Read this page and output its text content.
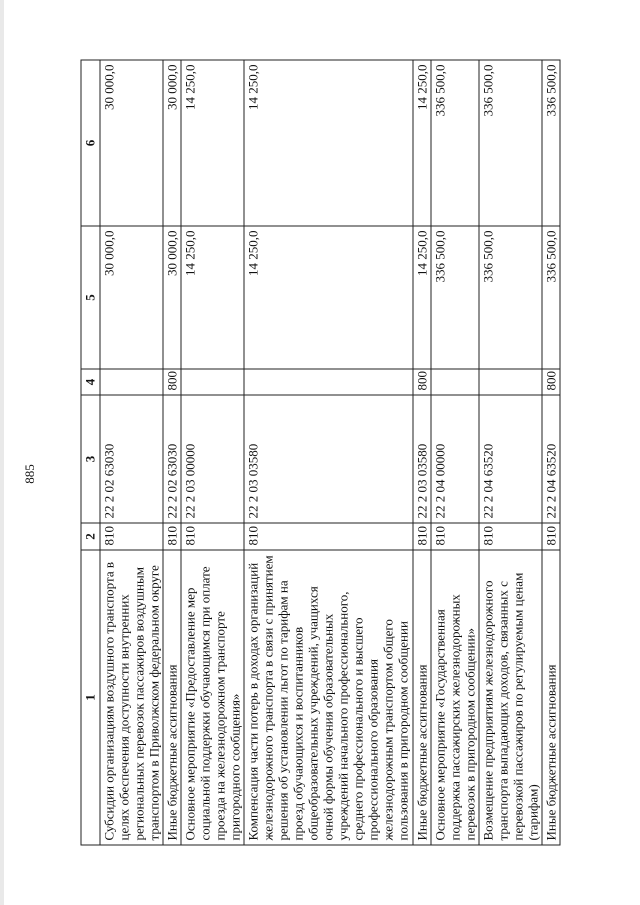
885
1	2	3	4	5	6
Субсидии организациям воздушного транспорта в целях обеспечения доступности внутренних региональных перевозок пассажиров воздушным транспортом в Приволжском федеральном округе	810	22 2 02 63030		30 000,0	30 000,0
Иные бюджетные ассигнования	810	22 2 02 63030	800	30 000,0	30 000,0
Основное мероприятие «Предоставление мер социальной поддержки обучающимся при оплате проезда на железнодорожном транспорте пригородного сообщения»	810	22 2 03 00000		14 250,0	14 250,0
Компенсация части потерь в доходах организаций железнодорожного транспорта в связи с принятием решения об установлении льгот по тарифам на проезд обучающихся и воспитанников общеобразовательных учреждений, учащихся очной формы обучения образовательных учреждений начального профессионального, среднего профессионального и высшего профессионального образования железнодорожным транспортом общего пользования в пригородном сообщении	810	22 2 03 03580		14 250,0	14 250,0
Иные бюджетные ассигнования	810	22 2 03 03580	800	14 250,0	14 250,0
Основное мероприятие «Государственная поддержка пассажирских железнодорожных перевозок в пригородном сообщении»	810	22 2 04 00000		336 500,0	336 500,0
Возмещение предприятиям железнодорожного транспорта выпадающих доходов, связанных с перевозкой пассажиров по регулируемым ценам (тарифам)	810	22 2 04 63520		336 500,0	336 500,0
Иные бюджетные ассигнования	810	22 2 04 63520	800	336 500,0	336 500,0
